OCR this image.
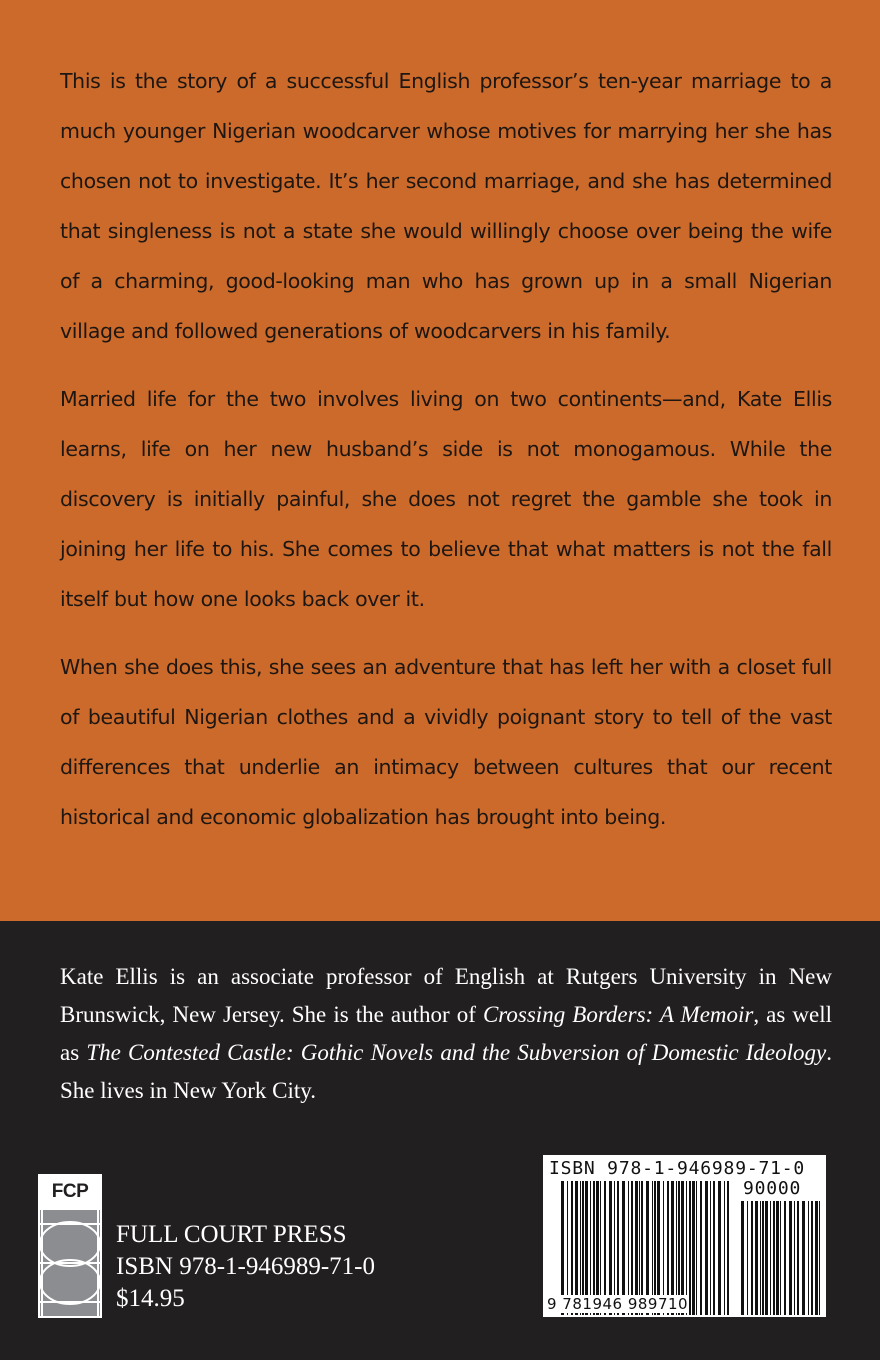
This is the story of a successful English professor’s ten-year marriage to a much younger Nigerian woodcarver whose motives for marrying her she has chosen not to investigate. It’s her second marriage, and she has determined that singleness is not a state she would willingly choose over being the wife of a charming, good-looking man who has grown up in a small Nigerian village and followed generations of woodcarvers in his family.

Married life for the two involves living on two continents—and, Kate Ellis learns, life on her new husband’s side is not monogamous. While the discovery is initially painful, she does not regret the gamble she took in joining her life to his. She comes to believe that what matters is not the fall itself but how one looks back over it.

When she does this, she sees an adventure that has left her with a closet full of beautiful Nigerian clothes and a vividly poignant story to tell of the vast differences that underlie an intimacy between cultures that our recent historical and economic globalization has brought into being.

Kate Ellis is an associate professor of English at Rutgers University in New Brunswick, New Jersey. She is the author of Crossing Borders: A Memoir, as well as The Contested Castle: Gothic Novels and the Subversion of Domestic Ideology. She lives in New York City.
FCP
FULL COURT PRESS
ISBN 978-1-946989-71-0
$14.95
ISBN 978-1-946989-71-0
90000
9 781946 989710
